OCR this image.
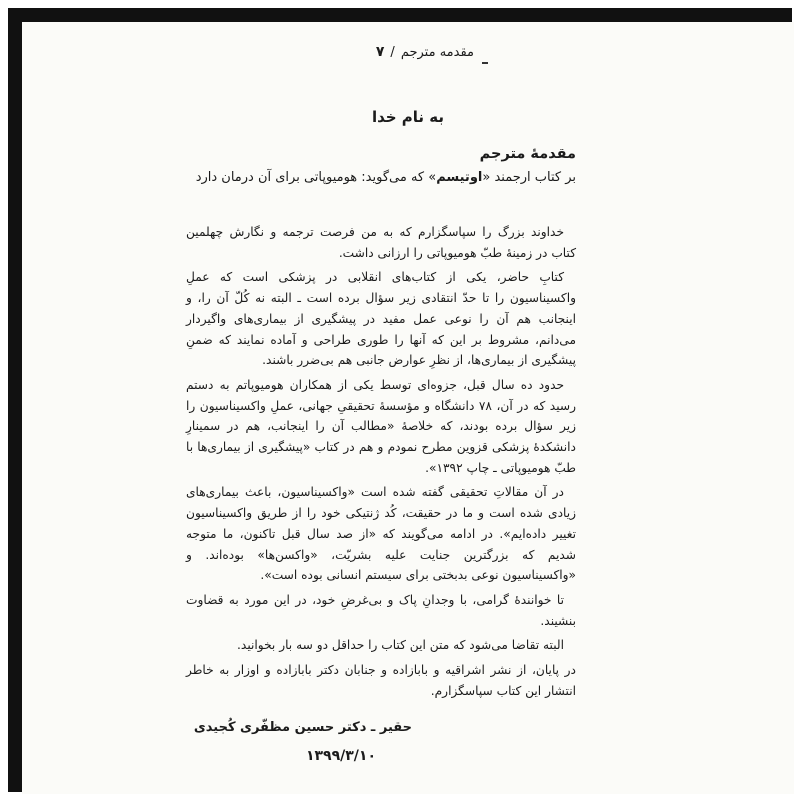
مقدمه مترجم/۷
به نام خدا
مقدمهٔ مترجم
بر کتاب ارجمند «اوتیسم» که می‌گوید: هومیوپاتی برای آن درمان دارد

خداوند بزرگ را سپاسگزارم که به من فرصت ترجمه و نگارش چهلمین کتاب در زمینهٔ طبّ هومیوپاتی را ارزانی داشت.

کتابِ حاضر، یکی از کتاب‌های انقلابی در پزشکی است که عملِ واکسیناسیون را تا حدّ انتقادی زیر سؤال برده است ـ البته نه کُلّ آن را، و اینجانب هم آن را نوعی عمل مفید در پیشگیری از بیماری‌های واگیردار می‌دانم، مشروط بر این که آنها را طوری طراحی و آماده نمایند که ضمنِ پیشگیری از بیماری‌ها، از نظرِ عوارض جانبی هم بی‌ضرر باشند.

حدود ده سال قبل، جزوه‌ای توسط یکی از همکاران هومیوپاتم به دستم رسید که در آن، ۷۸ دانشگاه و مؤسسهٔ تحقیقیِ جهانی، عملِ واکسیناسیون را زیر سؤال برده بودند، که خلاصهٔ «مطالب آن را اینجانب، هم در سمینارِ دانشکدهٔ پزشکی قزوین مطرح نمودم و هم در کتاب «پیشگیری از بیماری‌ها با طبّ هومیوپاتی ـ چاپ ۱۳۹۲».

در آن مقالاتِ تحقیقی گفته شده است «واکسیناسیون، باعث بیماری‌های زیادی شده است و ما در حقیقت، کُد ژنتیکی خود را از طریق واکسیناسیون تغییر داده‌ایم». در ادامه می‌گویند که «از صد سال قبل تاکنون، ما متوجه شدیم که بزرگترین جنایت علیه بشریّت، «واکسن‌ها» بوده‌اند. و «واکسیناسیون نوعی بدبختی برای سیستم انسانی بوده است».

تا خوانندهٔ گرامی، با وجدانِ پاک و بی‌غرضِ خود، در این مورد به قضاوت بنشیند.

البته تقاضا می‌شود که متن این کتاب را حداقل دو سه بار بخوانید.

در پایان، از نشر اشراقیه و بابازاده و جنابان دکتر بابازاده و اوزار به خاطر انتشار این کتاب سپاسگزارم.

حقیر ـ دکتر حسین مظفّری کُجیدی
۱۳۹۹/۳/۱۰
